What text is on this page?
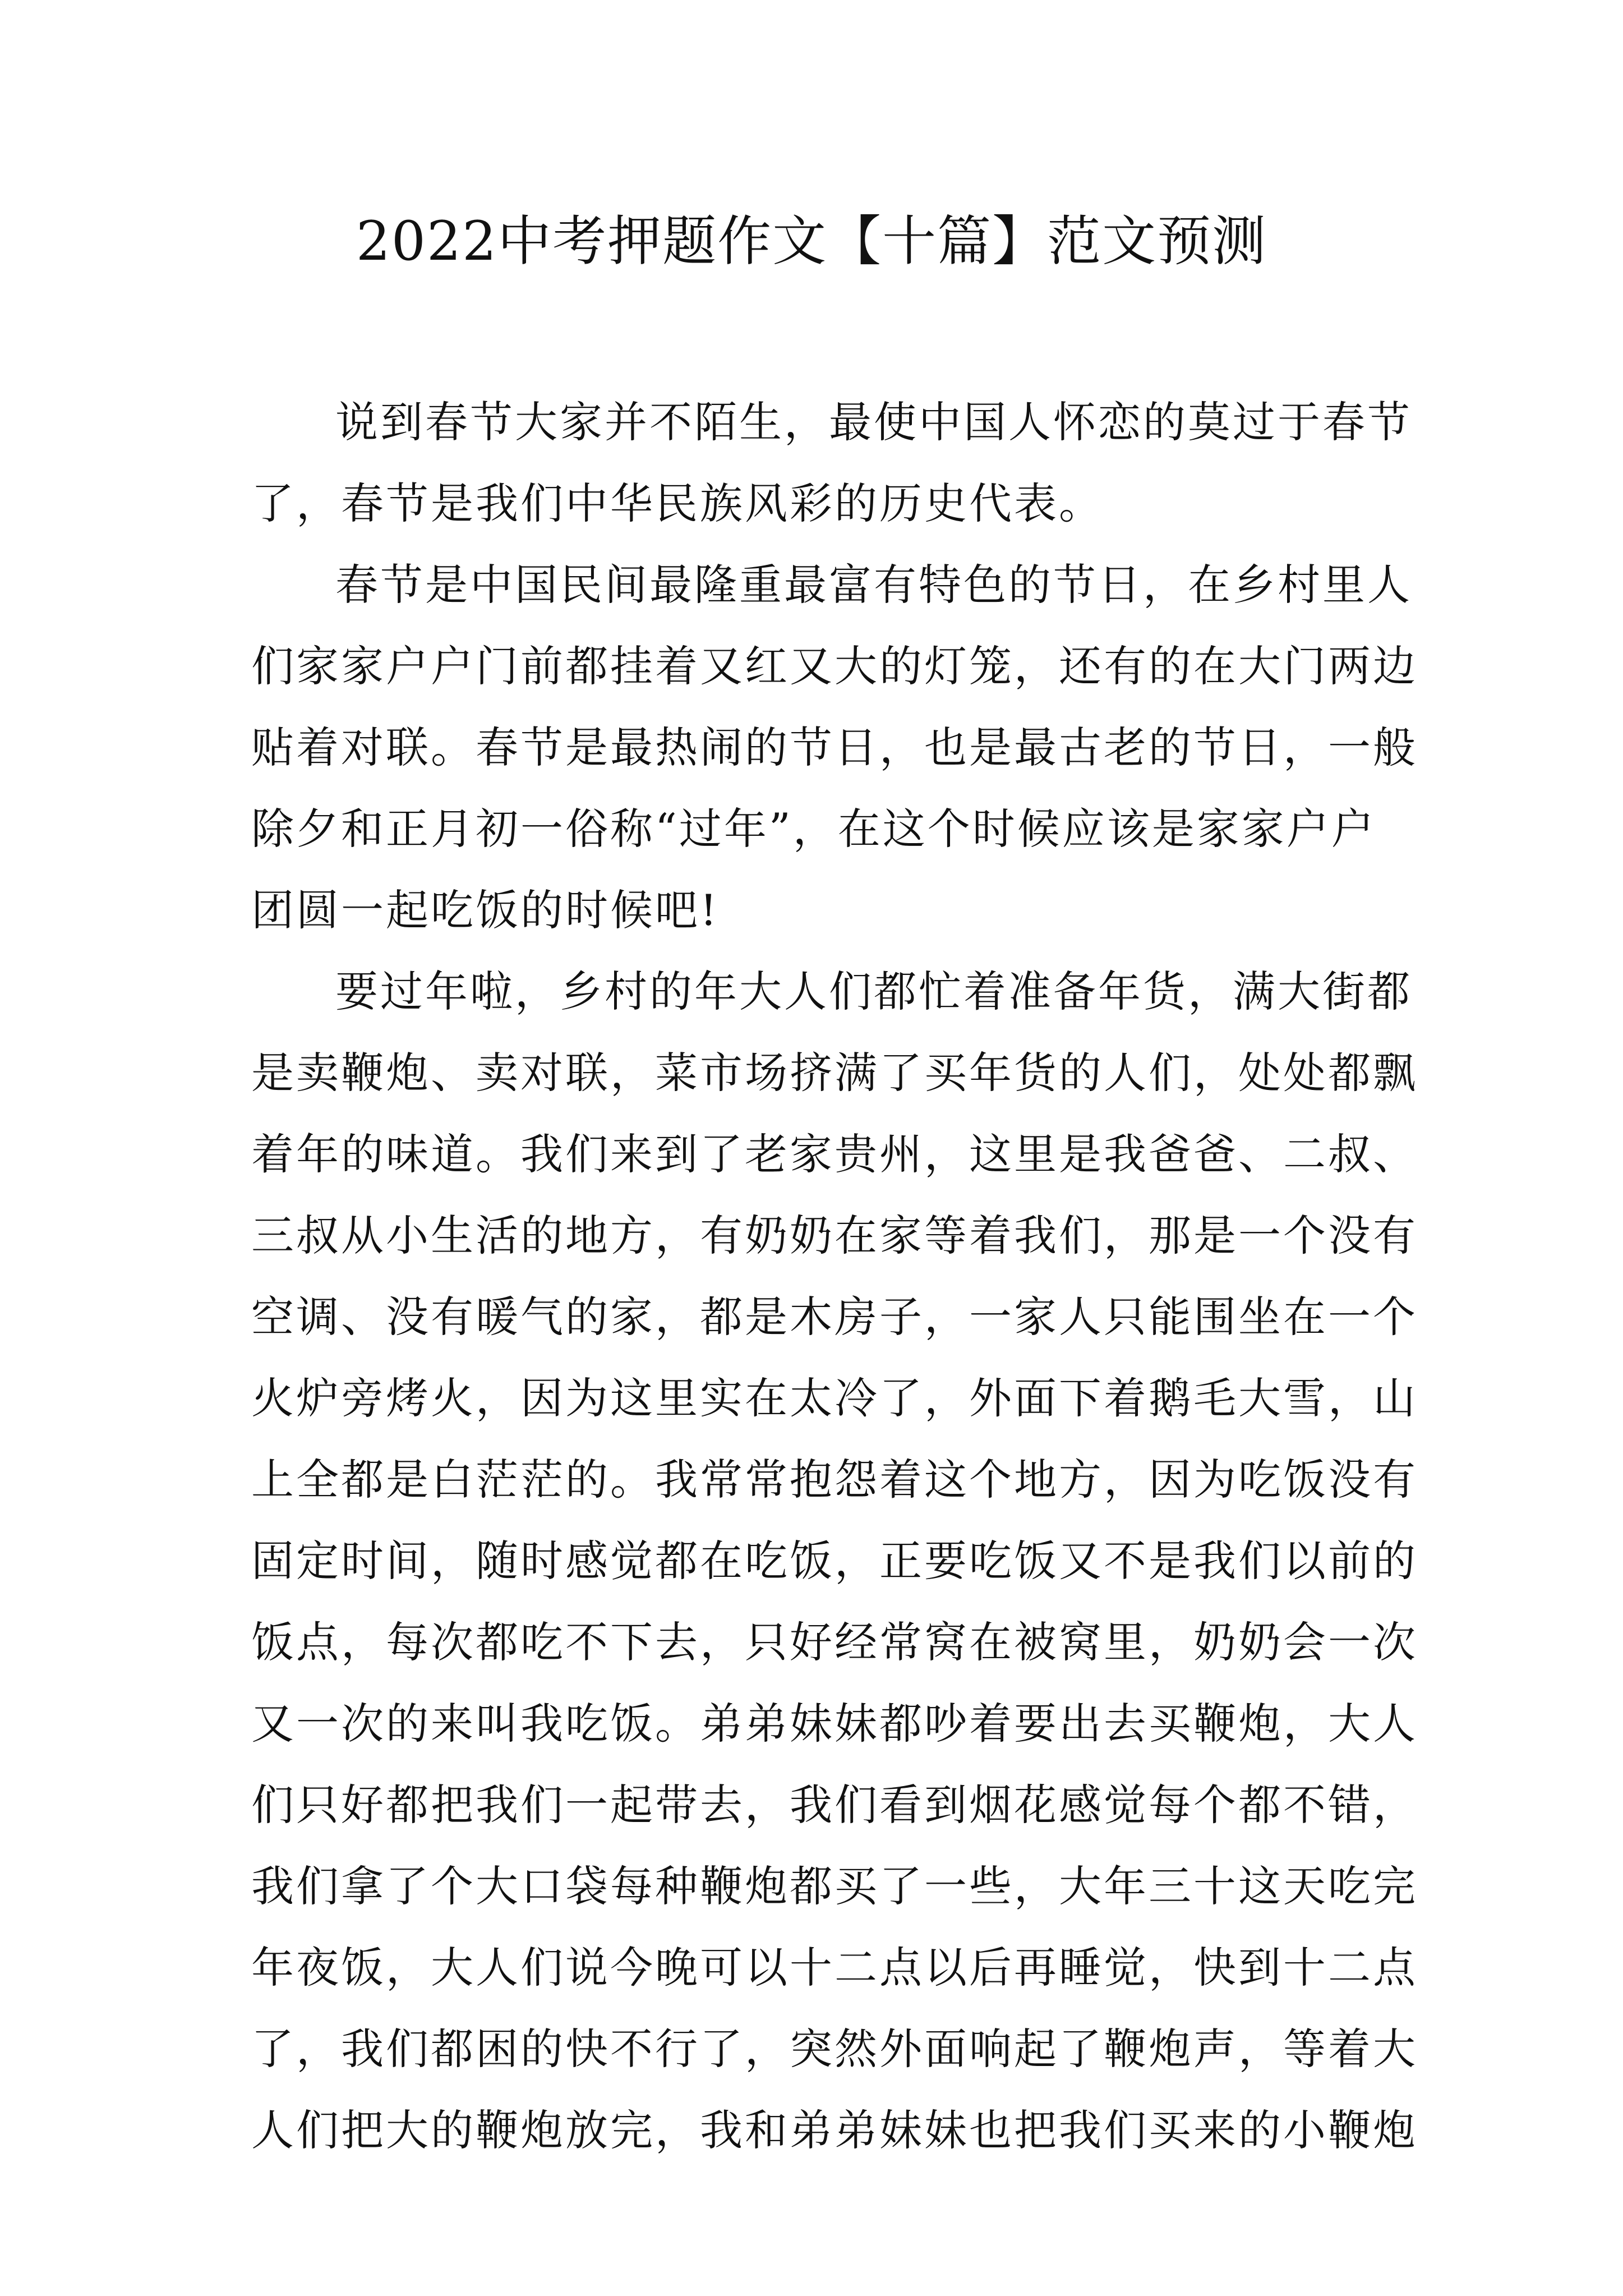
2022中考押题作文【十篇】范文预测
说到春节大家并不陌生，最使中国人怀恋的莫过于春节
了，春节是我们中华民族风彩的历史代表。
春节是中国民间最隆重最富有特色的节日，在乡村里人
们家家户户门前都挂着又红又大的灯笼，还有的在大门两边
贴着对联。春节是最热闹的节日，也是最古老的节日，一般
除夕和正月初一俗称“过年”，在这个时候应该是家家户户
团圆一起吃饭的时候吧!
要过年啦，乡村的年大人们都忙着准备年货，满大街都
是卖鞭炮、卖对联，菜市场挤满了买年货的人们，处处都飘
着年的味道。我们来到了老家贵州，这里是我爸爸、二叔、
三叔从小生活的地方，有奶奶在家等着我们，那是一个没有
空调、没有暖气的家，都是木房子，一家人只能围坐在一个
火炉旁烤火，因为这里实在太冷了，外面下着鹅毛大雪，山
上全都是白茫茫的。我常常抱怨着这个地方，因为吃饭没有
固定时间，随时感觉都在吃饭，正要吃饭又不是我们以前的
饭点，每次都吃不下去，只好经常窝在被窝里，奶奶会一次
又一次的来叫我吃饭。弟弟妹妹都吵着要出去买鞭炮，大人
们只好都把我们一起带去，我们看到烟花感觉每个都不错，
我们拿了个大口袋每种鞭炮都买了一些，大年三十这天吃完
年夜饭，大人们说今晚可以十二点以后再睡觉，快到十二点
了，我们都困的快不行了，突然外面响起了鞭炮声，等着大
人们把大的鞭炮放完，我和弟弟妹妹也把我们买来的小鞭炮
